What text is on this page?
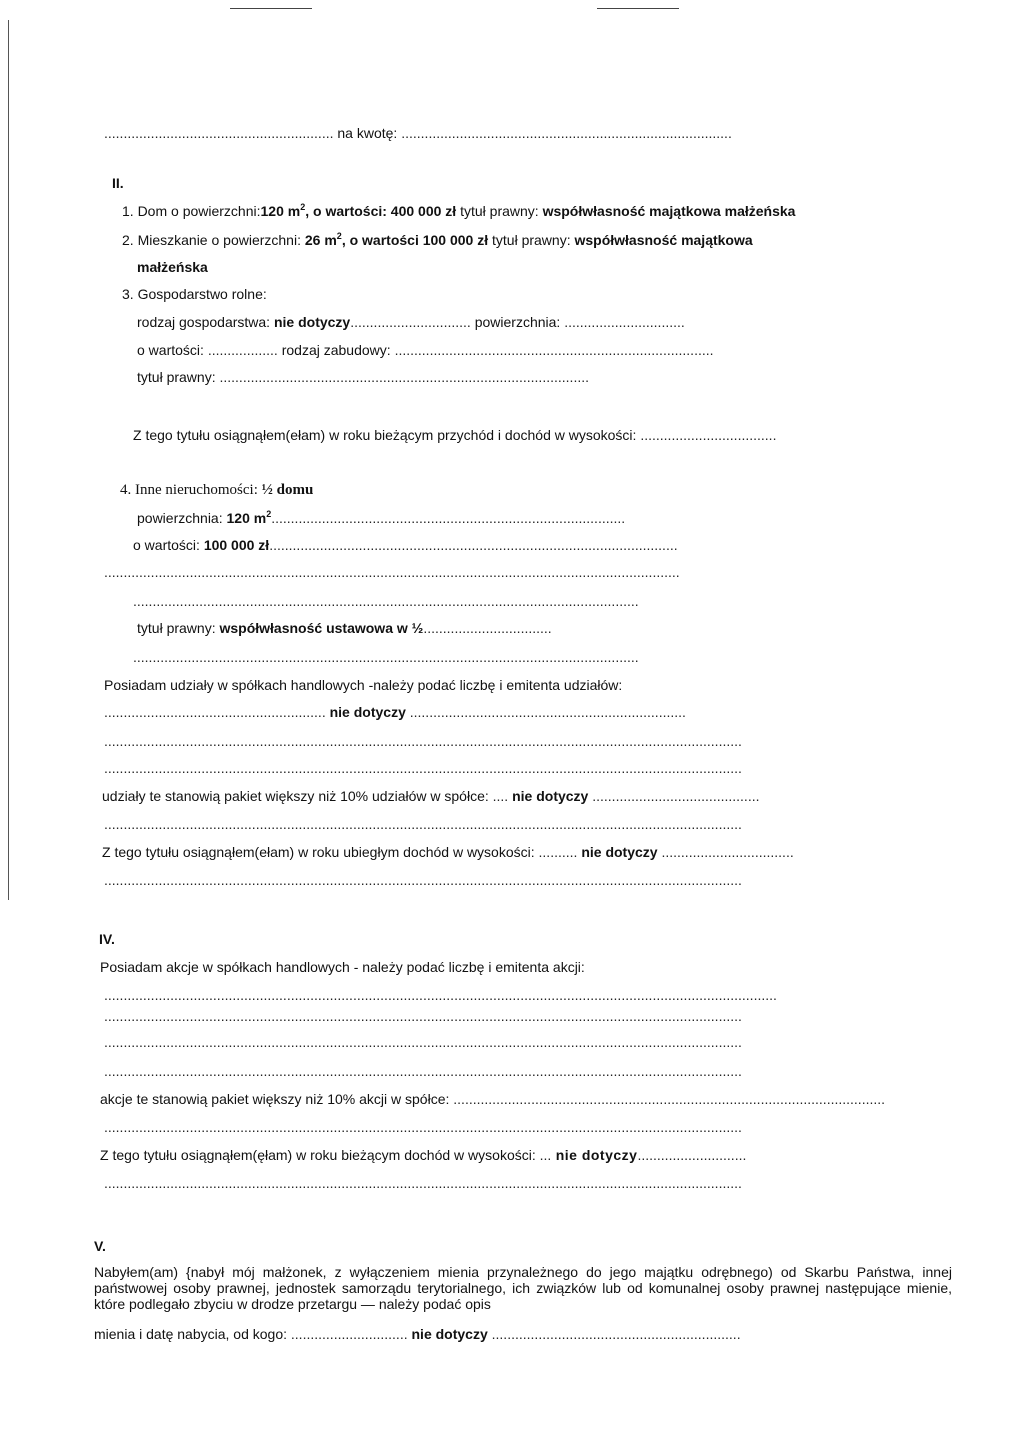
........................................................... na kwotę: .....................................................................................
II.
1. Dom o powierzchni:120 $m^2$, o wartości: 400 000 zł tytuł prawny: współwłasność majątkowa małżeńska
2. Mieszkanie o powierzchni: 26 $m^2$, o wartości 100 000 zł tytuł prawny: współwłasność majątkowa
małżeńska
3. Gospodarstwo rolne:
rodzaj gospodarstwa: nie dotyczy............................... powierzchnia: ...............................
o wartości: .................. rodzaj zabudowy: ..................................................................................
tytuł prawny: ...............................................................................................
Z tego tytułu osiągnąłem(ełam) w roku bieżącym przychód i dochód w wysokości: ...................................
4. Inne nieruchomości: ½ domu
powierzchnia: 120 $m^2$...........................................................................................
o wartości: 100 000 zł.........................................................................................................
....................................................................................................................................................
..................................................................................................................................
tytuł prawny: współwłasność ustawowa w ½.................................
..................................................................................................................................
Posiadam udziały w spółkach handlowych -należy podać liczbę i emitenta udziałów:
......................................................... nie dotyczy .......................................................................
....................................................................................................................................................................
....................................................................................................................................................................
udziały te stanowią pakiet większy niż 10% udziałów w spółce: .... nie dotyczy ...........................................
....................................................................................................................................................................
Z tego tytułu osiągnąłem(ełam) w roku ubiegłym dochód w wysokości: .......... nie dotyczy ..................................
....................................................................................................................................................................
IV.
Posiadam akcje w spółkach handlowych - należy podać liczbę i emitenta akcji:
.............................................................................................................................................................................
....................................................................................................................................................................
....................................................................................................................................................................
....................................................................................................................................................................
akcje te stanowią pakiet większy niż 10% akcji w spółce: ...............................................................................................................
....................................................................................................................................................................
Z tego tytułu osiągnąłem(ęłam) w roku bieżącym dochód w wysokości: ... nie dotyczy............................
....................................................................................................................................................................
V.
Nabyłem(am) {nabył mój małżonek, z wyłączeniem mienia przynależnego do jego majątku odrębnego) od Skarbu Państwa, innej państwowej osoby prawnej, jednostek samorządu terytorialnego, ich związków lub od komunalnej osoby prawnej następujące mienie, które podlegało zbyciu w drodze przetargu — należy podać opis
mienia i datę nabycia, od kogo: .............................. nie dotyczy ................................................................
